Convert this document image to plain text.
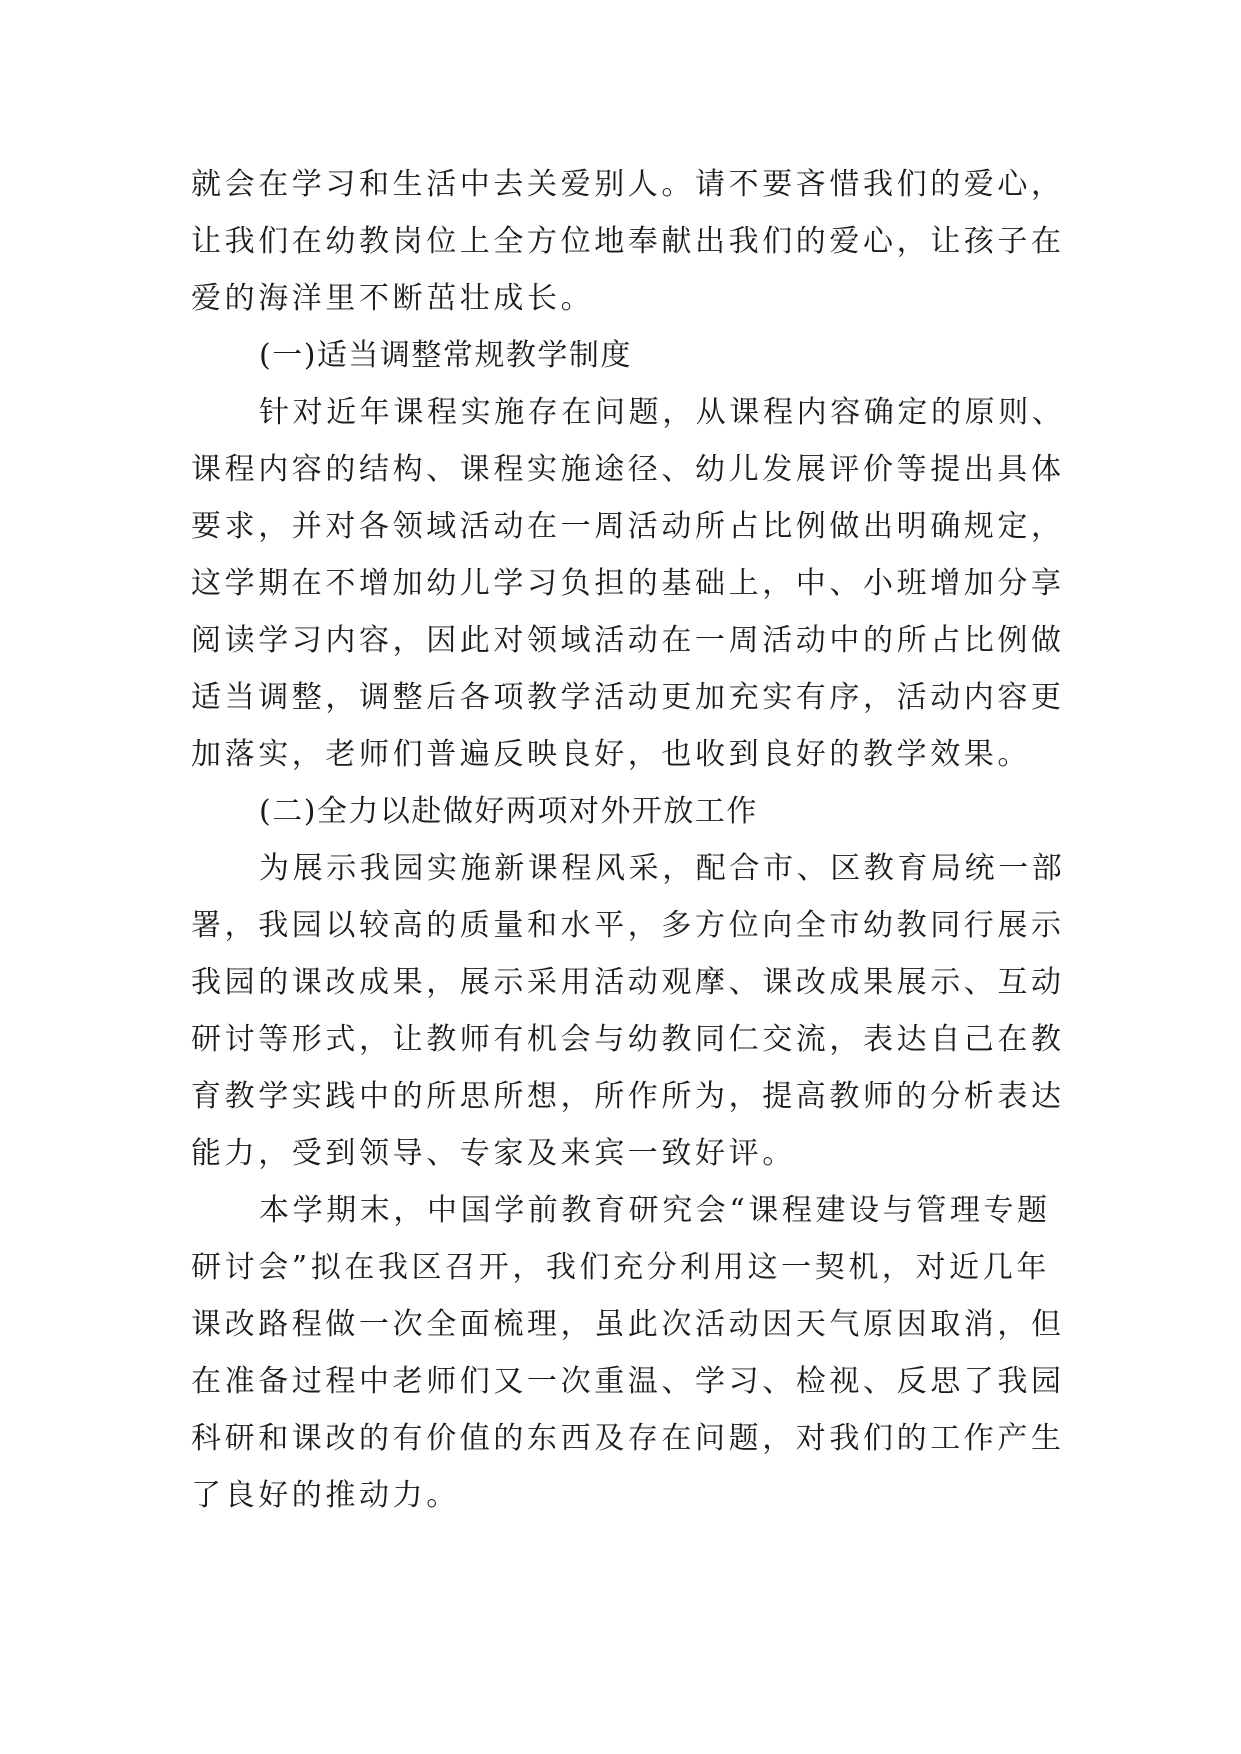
就会在学习和生活中去关爱别人。请不要吝惜我们的爱心，
让我们在幼教岗位上全方位地奉献出我们的爱心，让孩子在
爱的海洋里不断茁壮成长。
(一)适当调整常规教学制度
针对近年课程实施存在问题，从课程内容确定的原则、
课程内容的结构、课程实施途径、幼儿发展评价等提出具体
要求，并对各领域活动在一周活动所占比例做出明确规定，
这学期在不增加幼儿学习负担的基础上，中、小班增加分享
阅读学习内容，因此对领域活动在一周活动中的所占比例做
适当调整，调整后各项教学活动更加充实有序，活动内容更
加落实，老师们普遍反映良好，也收到良好的教学效果。
(二)全力以赴做好两项对外开放工作
为展示我园实施新课程风采，配合市、区教育局统一部
署，我园以较高的质量和水平，多方位向全市幼教同行展示
我园的课改成果，展示采用活动观摩、课改成果展示、互动
研讨等形式，让教师有机会与幼教同仁交流，表达自己在教
育教学实践中的所思所想，所作所为，提高教师的分析表达
能力，受到领导、专家及来宾一致好评。
本学期末，中国学前教育研究会“课程建设与管理专题
研讨会”拟在我区召开，我们充分利用这一契机，对近几年
课改路程做一次全面梳理，虽此次活动因天气原因取消，但
在准备过程中老师们又一次重温、学习、检视、反思了我园
科研和课改的有价值的东西及存在问题，对我们的工作产生
了良好的推动力。
